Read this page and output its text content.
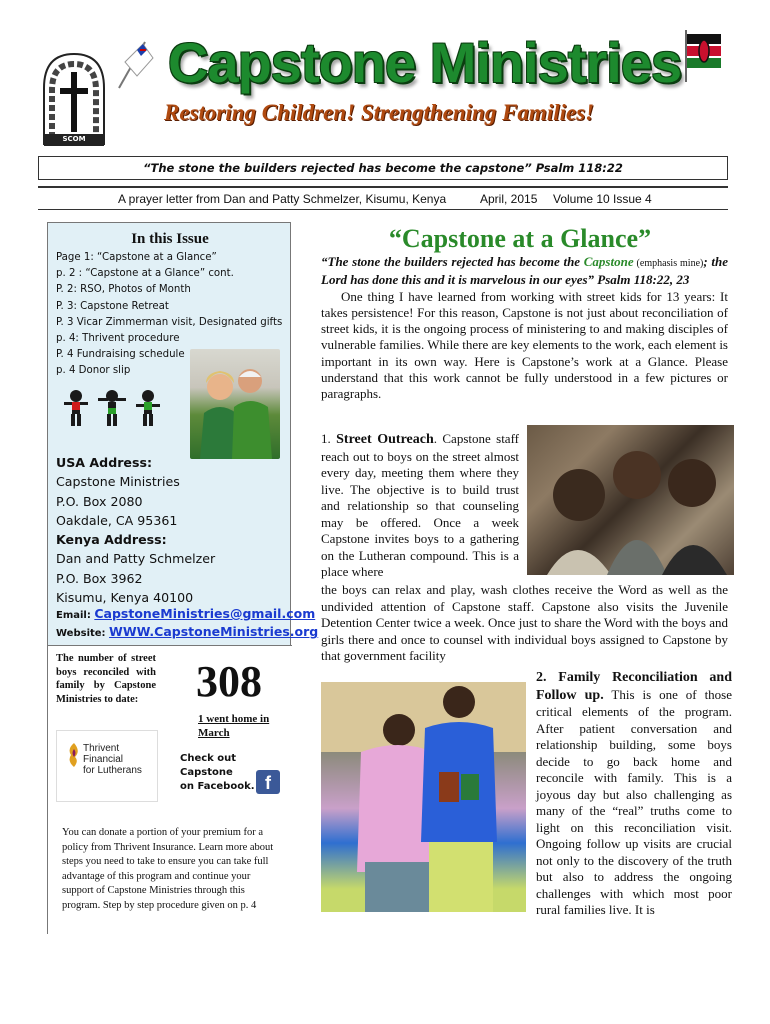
SCOM
Capstone Ministries
Restoring Children! Strengthening Families!
“The stone the builders rejected has become the capstone” Psalm 118:22
A prayer letter from Dan and Patty Schmelzer, Kisumu, Kenya	April, 2015 Volume 10 Issue 4
In this Issue
Page 1: “Capstone at a Glance”
p. 2 : “Capstone at a Glance” cont.
P. 2: RSO, Photos of Month
P. 3: Capstone Retreat
P. 3 Vicar Zimmerman visit, Designated gifts
p. 4: Thrivent procedure
P. 4 Fundraising schedule
p. 4 Donor slip
USA Address:
Capstone Ministries
P.O. Box 2080
Oakdale, CA 95361
Kenya Address:
Dan and Patty Schmelzer
P.O. Box 3962
Kisumu, Kenya 40100
Email: CapstoneMinistries@gmail.com
Website: WWW.CapstoneMinistries.org
The number of street boys reconciled with family by Capstone Ministries to date:	308
1 went home in
March
Thrivent Financial
for Lutherans
Check out Capstone
on Facebook. f
You can donate a portion of your premium for a policy from Thrivent Insurance. Learn more about steps you need to take to ensure you can take full advantage of this program and continue your support of Capstone Ministries through this program. Step by step procedure given on p. 4
“Capstone at a Glance”

“The stone the builders rejected has become the Capstone (emphasis mine); the Lord has done this and it is marvelous in our eyes” Psalm 118:22, 23

One thing I have learned from working with street kids for 13 years: It takes persistence! For this reason, Capstone is not just about reconciliation of street kids, it is the ongoing process of ministering to and making disciples of vulnerable families. While there are key elements to the work, each element is important in its own way. Here is Capstone’s work at a Glance. Please understand that this work cannot be fully understood in a few pictures or paragraphs.

1. Street Outreach. Capstone staff reach out to boys on the street almost every day, meeting them where they live. The objective is to build trust and relationship so that counseling may be offered. Once a week Capstone invites boys to a gathering on the Lutheran compound. This is a place where
the boys can relax and play, wash clothes receive the Word as well as the undivided attention of Capstone staff. Capstone also visits the Juvenile Detention Center twice a week. Once just to share the Word with the boys and girls there and once to counsel with individual boys assigned to Capstone by that government facility
2. Family Reconciliation and Follow up. This is one of those critical elements of the program. After patient conversation and relationship building, some boys decide to go back home and reconcile with family. This is a joyous day but also challenging as many of the “real” truths come to light on this reconciliation visit. Ongoing follow up visits are crucial not only to the discovery of the truth but also to address the ongoing challenges with which most poor rural families live. It is
